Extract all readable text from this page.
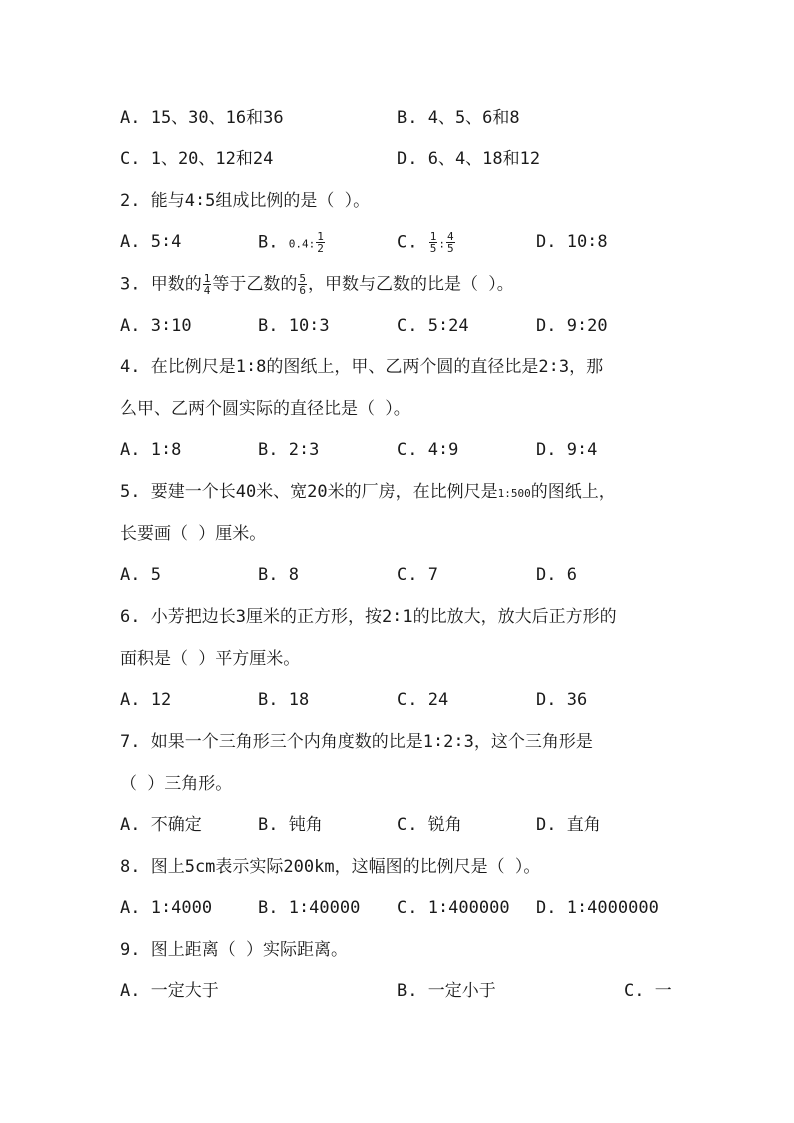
A. 15、30、16和36	B. 4、5、6和8
C. 1、20、12和24	D. 6、4、18和12
2. 能与4∶5组成比例的是（ ）。
A. 5∶4	B. 0.4: $\frac{1}{2}$	C. $\frac{1}{5}$ : $\frac{4}{5}$	D. 10∶8
3. 甲数的 $\frac{1}{4}$ 等于乙数的 $\frac{5}{6}$ ，甲数与乙数的比是（ ）。
A. 3∶10	B. 10∶3	C. 5∶24	D. 9∶20
4. 在比例尺是1∶8的图纸上，甲、乙两个圆的直径比是2∶3，那
么甲、乙两个圆实际的直径比是（ ）。
A. 1∶8	B. 2∶3	C. 4∶9	D. 9∶4
5. 要建一个长40米、宽20米的厂房，在比例尺是1:500的图纸上，
长要画（ ）厘米。
A. 5	B. 8	C. 7	D. 6
6. 小芳把边长3厘米的正方形，按2∶1的比放大，放大后正方形的
面积是（ ）平方厘米。
A. 12	B. 18	C. 24	D. 36
7. 如果一个三角形三个内角度数的比是1∶2∶3，这个三角形是
（ ）三角形。
A. 不确定	B. 钝角	C. 锐角	D. 直角
8. 图上5cm表示实际200km，这幅图的比例尺是（ ）。
A. 1∶4000	B. 1∶40000 C. 1∶400000 D. 1∶4000000
9. 图上距离（ ）实际距离。
A. 一定大于	B. 一定小于	C. 一
